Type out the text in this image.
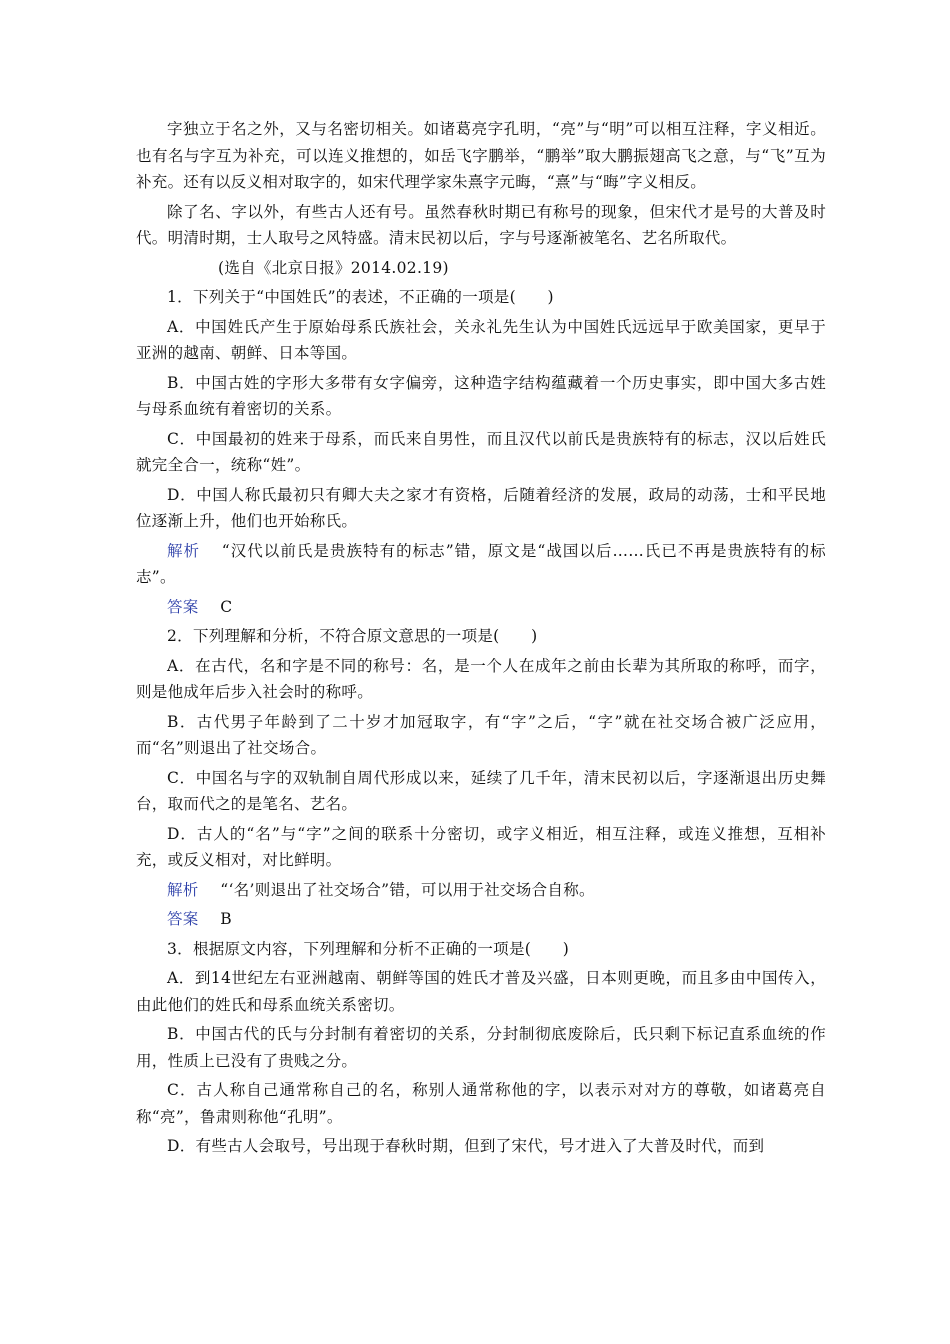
字独立于名之外，又与名密切相关。如诸葛亮字孔明，“亮”与“明”可以相互注释，字义相近。也有名与字互为补充，可以连义推想的，如岳飞字鹏举，“鹏举”取大鹏振翅高飞之意，与“飞”互为补充。还有以反义相对取字的，如宋代理学家朱熹字元晦，“熹”与“晦”字义相反。

除了名、字以外，有些古人还有号。虽然春秋时期已有称号的现象，但宋代才是号的大普及时代。明清时期，士人取号之风特盛。清末民初以后，字与号逐渐被笔名、艺名所取代。

(选自《北京日报》2014.02.19)

1．下列关于“中国姓氏”的表述，不正确的一项是(　　)

A．中国姓氏产生于原始母系氏族社会，关永礼先生认为中国姓氏远远早于欧美国家，更早于亚洲的越南、朝鲜、日本等国。

B．中国古姓的字形大多带有女字偏旁，这种造字结构蕴藏着一个历史事实，即中国大多古姓与母系血统有着密切的关系。

C．中国最初的姓来于母系，而氏来自男性，而且汉代以前氏是贵族特有的标志，汉以后姓氏就完全合一，统称“姓”。

D．中国人称氏最初只有卿大夫之家才有资格，后随着经济的发展，政局的动荡，士和平民地位逐渐上升，他们也开始称氏。

解析 “汉代以前氏是贵族特有的标志”错，原文是“战国以后……氏已不再是贵族特有的标志”。

答案 C

2．下列理解和分析，不符合原文意思的一项是(　　)

A．在古代，名和字是不同的称号：名，是一个人在成年之前由长辈为其所取的称呼，而字，则是他成年后步入社会时的称呼。

B．古代男子年龄到了二十岁才加冠取字，有“字”之后，“字”就在社交场合被广泛应用，而“名”则退出了社交场合。

C．中国名与字的双轨制自周代形成以来，延续了几千年，清末民初以后，字逐渐退出历史舞台，取而代之的是笔名、艺名。

D．古人的“名”与“字”之间的联系十分密切，或字义相近，相互注释，或连义推想，互相补充，或反义相对，对比鲜明。

解析 “‘名’则退出了社交场合”错，可以用于社交场合自称。

答案 B

3．根据原文内容，下列理解和分析不正确的一项是(　　)

A．到14世纪左右亚洲越南、朝鲜等国的姓氏才普及兴盛，日本则更晚，而且多由中国传入，由此他们的姓氏和母系血统关系密切。

B．中国古代的氏与分封制有着密切的关系，分封制彻底废除后，氏只剩下标记直系血统的作用，性质上已没有了贵贱之分。

C．古人称自己通常称自己的名，称别人通常称他的字，以表示对对方的尊敬，如诸葛亮自称“亮”，鲁肃则称他“孔明”。

D．有些古人会取号，号出现于春秋时期，但到了宋代，号才进入了大普及时代，而到
